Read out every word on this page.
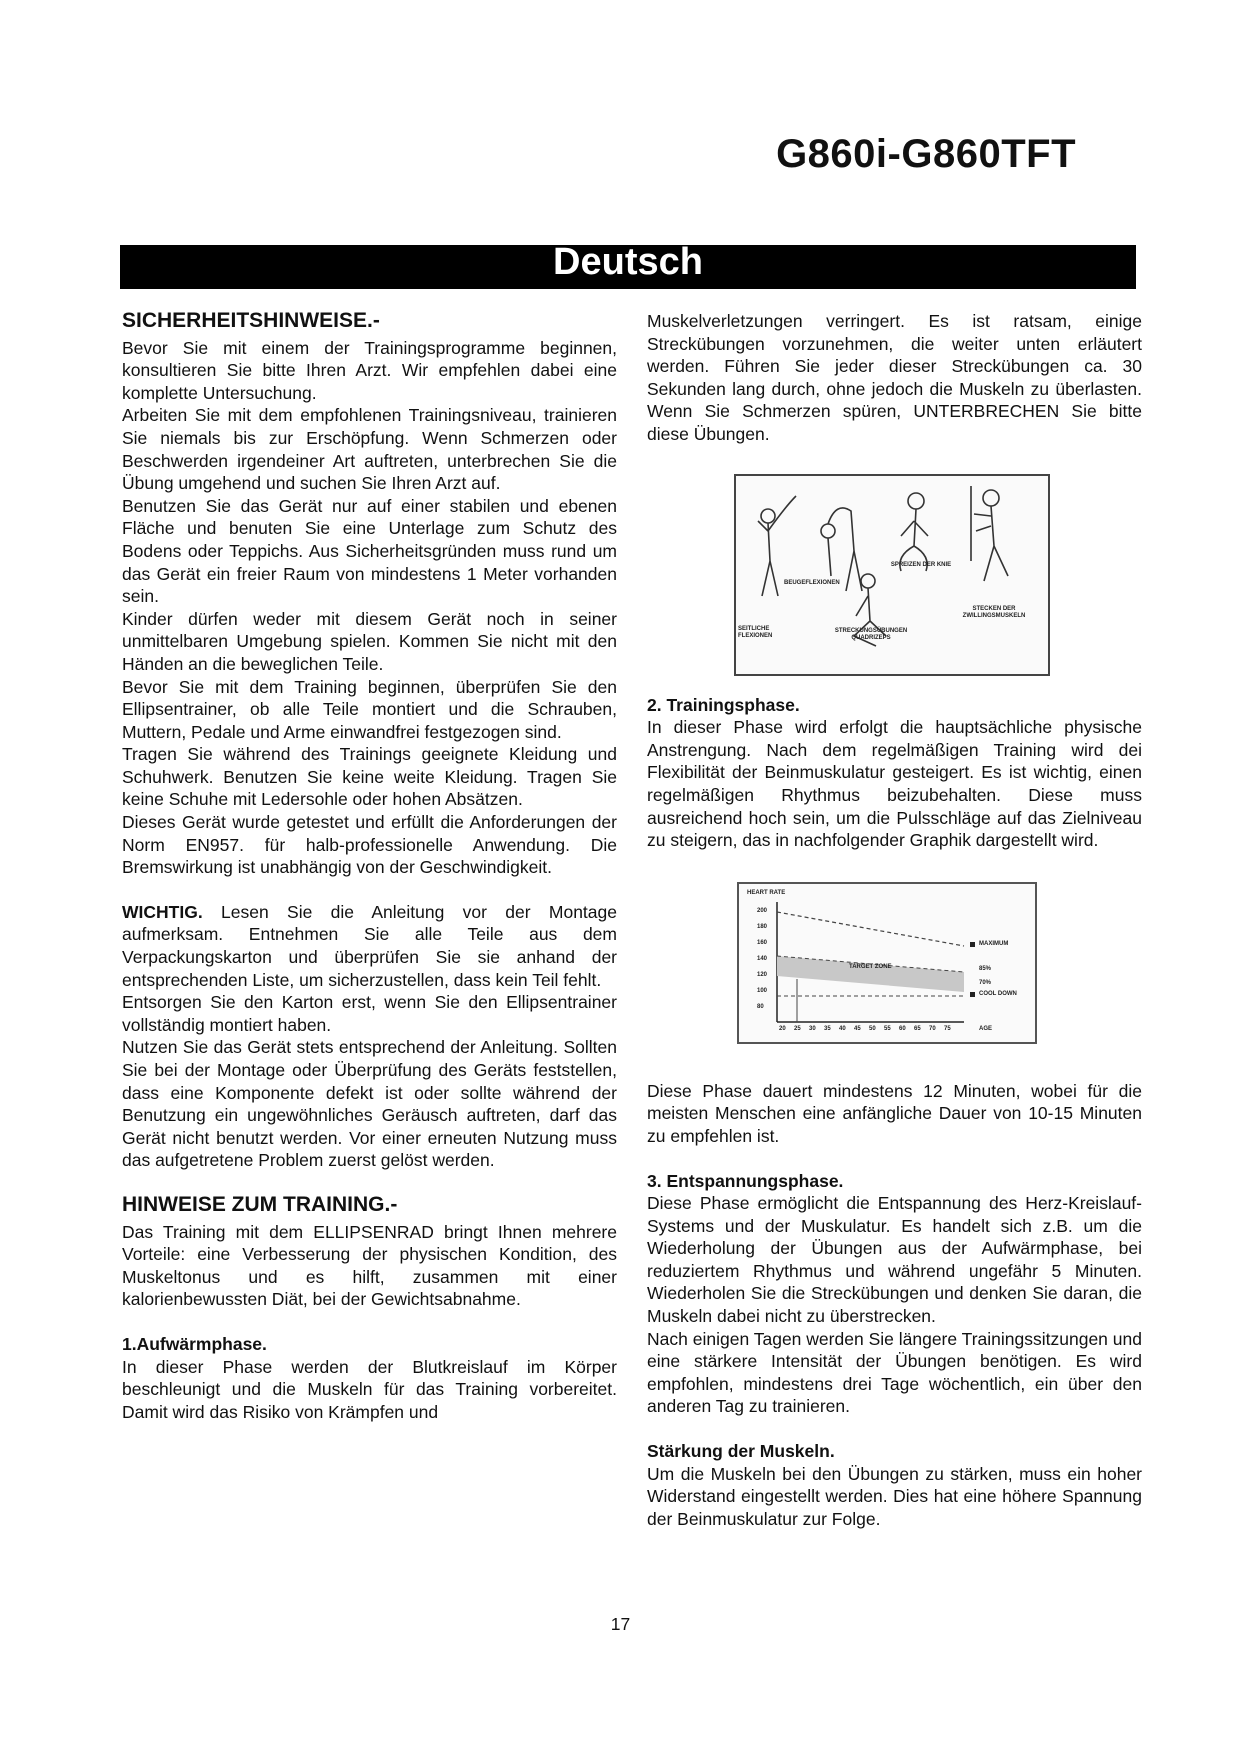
G860i-G860TFT
Deutsch
SICHERHEITSHINWEISE.-

Bevor Sie mit einem der Trainingsprogramme beginnen, konsultieren Sie bitte Ihren Arzt. Wir empfehlen dabei eine komplette Untersuchung.

Arbeiten Sie mit dem empfohlenen Trainingsniveau, trainieren Sie niemals bis zur Erschöpfung. Wenn Schmerzen oder Beschwerden irgendeiner Art auftreten, unterbrechen Sie die Übung umgehend und suchen Sie Ihren Arzt auf.

Benutzen Sie das Gerät nur auf einer stabilen und ebenen Fläche und benuten Sie eine Unterlage zum Schutz des Bodens oder Teppichs. Aus Sicherheitsgründen muss rund um das Gerät ein freier Raum von mindestens 1 Meter vorhanden sein.

Kinder dürfen weder mit diesem Gerät noch in seiner unmittelbaren Umgebung spielen. Kommen Sie nicht mit den Händen an die beweglichen Teile.

Bevor Sie mit dem Training beginnen, überprüfen Sie den Ellipsentrainer, ob alle Teile montiert und die Schrauben, Muttern, Pedale und Arme einwandfrei festgezogen sind.

Tragen Sie während des Trainings geeignete Kleidung und Schuhwerk. Benutzen Sie keine weite Kleidung. Tragen Sie keine Schuhe mit Ledersohle oder hohen Absätzen.

Dieses Gerät wurde getestet und erfüllt die Anforderungen der Norm EN957. für halb-professionelle Anwendung. Die Bremswirkung ist unabhängig von der Geschwindigkeit.

WICHTIG. Lesen Sie die Anleitung vor der Montage aufmerksam. Entnehmen Sie alle Teile aus dem Verpackungskarton und überprüfen Sie sie anhand der entsprechenden Liste, um sicherzustellen, dass kein Teil fehlt.

Entsorgen Sie den Karton erst, wenn Sie den Ellipsentrainer vollständig montiert haben.

Nutzen Sie das Gerät stets entsprechend der Anleitung. Sollten Sie bei der Montage oder Überprüfung des Geräts feststellen, dass eine Komponente defekt ist oder sollte während der Benutzung ein ungewöhnliches Geräusch auftreten, darf das Gerät nicht benutzt werden. Vor einer erneuten Nutzung muss das aufgetretene Problem zuerst gelöst werden.

HINWEISE ZUM TRAINING.-

Das Training mit dem ELLIPSENRAD bringt Ihnen mehrere Vorteile: eine Verbesserung der physischen Kondition, des Muskeltonus und es hilft, zusammen mit einer kalorienbewussten Diät, bei der Gewichtsabnahme.

1.Aufwärmphase.

In dieser Phase werden der Blutkreislauf im Körper beschleunigt und die Muskeln für das Training vorbereitet. Damit wird das Risiko von Krämpfen und

Muskelverletzungen verringert. Es ist ratsam, einige Streckübungen vorzunehmen, die weiter unten erläutert werden. Führen Sie jeder dieser Streckübungen ca. 30 Sekunden lang durch, ohne jedoch die Muskeln zu überlasten. Wenn Sie Schmerzen spüren, UNTERBRECHEN Sie bitte diese Übungen.

BEUGEFLEXIONEN
SPREIZEN DER KNIE
SEITLICHE FLEXIONEN
STRECKUNGSÜBUNGEN QUADRIZEPS
STECKEN DER ZWILLINGSMUSKELN
2. Trainingsphase.

In dieser Phase wird erfolgt die hauptsächliche physische Anstrengung. Nach dem regelmäßigen Training wird dei Flexibilität der Beinmuskulatur gesteigert. Es ist wichtig, einen regelmäßigen Rhythmus beizubehalten. Diese muss ausreichend hoch sein, um die Pulsschläge auf das Zielniveau zu steigern, das in nachfolgender Graphik dargestellt wird.

HEART RATE
200
180
160
140
120
100
80
TARGET ZONE
MAXIMUM
85%
70%
COOL DOWN
20 25 30 35 40 45 50 55 60 65 70 75	AGE

Diese Phase dauert mindestens 12 Minuten, wobei für die meisten Menschen eine anfängliche Dauer von 10-15 Minuten zu empfehlen ist.

3. Entspannungsphase.

Diese Phase ermöglicht die Entspannung des Herz-Kreislauf-Systems und der Muskulatur. Es handelt sich z.B. um die Wiederholung der Übungen aus der Aufwärmphase, bei reduziertem Rhythmus und während ungefähr 5 Minuten. Wiederholen Sie die Streckübungen und denken Sie daran, die Muskeln dabei nicht zu überstrecken.

Nach einigen Tagen werden Sie längere Trainingssitzungen und eine stärkere Intensität der Übungen benötigen. Es wird empfohlen, mindestens drei Tage wöchentlich, ein über den anderen Tag zu trainieren.

Stärkung der Muskeln.

Um die Muskeln bei den Übungen zu stärken, muss ein hoher Widerstand eingestellt werden. Dies hat eine höhere Spannung der Beinmuskulatur zur Folge.

17
